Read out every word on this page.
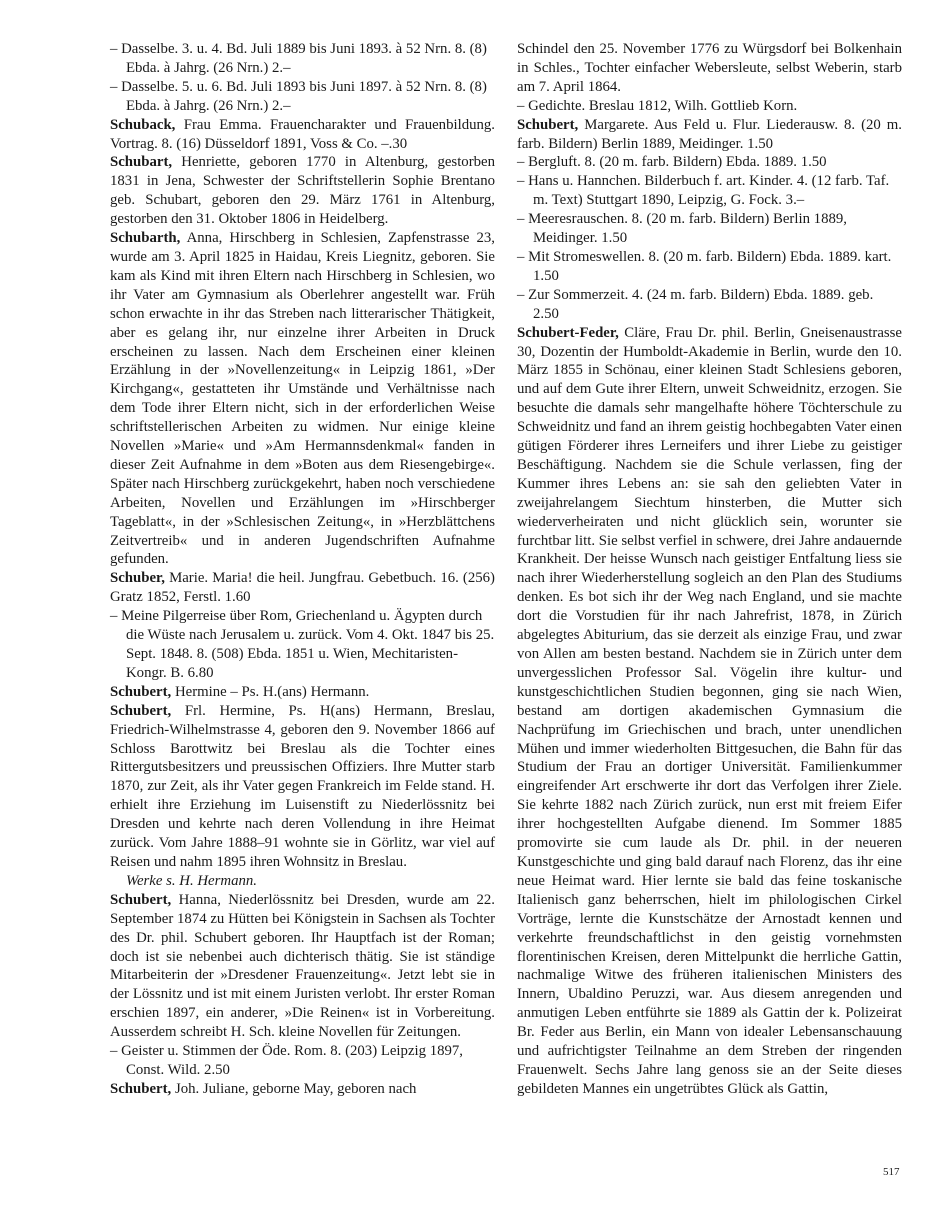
– Dasselbe. 3. u. 4. Bd. Juli 1889 bis Juni 1893. à 52 Nrn. 8. (8) Ebda. à Jahrg. (26 Nrn.) 2.–

– Dasselbe. 5. u. 6. Bd. Juli 1893 bis Juni 1897. à 52 Nrn. 8. (8) Ebda. à Jahrg. (26 Nrn.) 2.–

Schuback, Frau Emma. Frauencharakter und Frauenbildung. Vortrag. 8. (16) Düsseldorf 1891, Voss & Co. –.30

Schubart, Henriette, geboren 1770 in Altenburg, gestorben 1831 in Jena, Schwester der Schriftstellerin Sophie Brentano geb. Schubart, geboren den 29. März 1761 in Altenburg, gestorben den 31. Oktober 1806 in Heidelberg.

Schubarth, Anna, Hirschberg in Schlesien, Zapfenstrasse 23, wurde am 3. April 1825 in Haidau, Kreis Liegnitz, geboren. Sie kam als Kind mit ihren Eltern nach Hirschberg in Schlesien, wo ihr Vater am Gymnasium als Oberlehrer angestellt war. Früh schon erwachte in ihr das Streben nach litterarischer Thätigkeit, aber es gelang ihr, nur einzelne ihrer Arbeiten in Druck erscheinen zu lassen. Nach dem Erscheinen einer kleinen Erzählung in der »Novellenzeitung« in Leipzig 1861, »Der Kirchgang«, gestatteten ihr Umstände und Verhältnisse nach dem Tode ihrer Eltern nicht, sich in der erforderlichen Weise schriftstellerischen Arbeiten zu widmen. Nur einige kleine Novellen »Marie« und »Am Hermannsdenkmal« fanden in dieser Zeit Aufnahme in dem »Boten aus dem Riesengebirge«. Später nach Hirschberg zurückgekehrt, haben noch verschiedene Arbeiten, Novellen und Erzählungen im »Hirschberger Tageblatt«, in der »Schlesischen Zeitung«, in »Herzblättchens Zeitvertreib« und in anderen Jugendschriften Aufnahme gefunden.

Schuber, Marie. Maria! die heil. Jungfrau. Gebetbuch. 16. (256) Gratz 1852, Ferstl. 1.60

– Meine Pilgerreise über Rom, Griechenland u. Ägypten durch die Wüste nach Jerusalem u. zurück. Vom 4. Okt. 1847 bis 25. Sept. 1848. 8. (508) Ebda. 1851 u. Wien, Mechitaristen-Kongr. B. 6.80

Schubert, Hermine – Ps. H.(ans) Hermann.

Schubert, Frl. Hermine, Ps. H(ans) Hermann, Breslau, Friedrich-Wilhelmstrasse 4, geboren den 9. November 1866 auf Schloss Barottwitz bei Breslau als die Tochter eines Rittergutsbesitzers und preussischen Offiziers. Ihre Mutter starb 1870, zur Zeit, als ihr Vater gegen Frankreich im Felde stand. H. erhielt ihre Erziehung im Luisenstift zu Niederlössnitz bei Dresden und kehrte nach deren Vollendung in ihre Heimat zurück. Vom Jahre 1888–91 wohnte sie in Görlitz, war viel auf Reisen und nahm 1895 ihren Wohnsitz in Breslau.

Werke s. H. Hermann.

Schubert, Hanna, Niederlössnitz bei Dresden, wurde am 22. September 1874 zu Hütten bei Königstein in Sachsen als Tochter des Dr. phil. Schubert geboren. Ihr Hauptfach ist der Roman; doch ist sie nebenbei auch dichterisch thätig. Sie ist ständige Mitarbeiterin der »Dresdener Frauenzeitung«. Jetzt lebt sie in der Lössnitz und ist mit einem Juristen verlobt. Ihr erster Roman erschien 1897, ein anderer, »Die Reinen« ist in Vorbereitung. Ausserdem schreibt H. Sch. kleine Novellen für Zeitungen.

– Geister u. Stimmen der Öde. Rom. 8. (203) Leipzig 1897, Const. Wild. 2.50

Schubert, Joh. Juliane, geborne May, geboren nach

Schindel den 25. November 1776 zu Würgsdorf bei Bolkenhain in Schles., Tochter einfacher Webersleute, selbst Weberin, starb am 7. April 1864.

– Gedichte. Breslau 1812, Wilh. Gottlieb Korn.

Schubert, Margarete. Aus Feld u. Flur. Liederausw. 8. (20 m. farb. Bildern) Berlin 1889, Meidinger. 1.50

– Bergluft. 8. (20 m. farb. Bildern) Ebda. 1889. 1.50

– Hans u. Hannchen. Bilderbuch f. art. Kinder. 4. (12 farb. Taf. m. Text) Stuttgart 1890, Leipzig, G. Fock. 3.–

– Meeresrauschen. 8. (20 m. farb. Bildern) Berlin 1889, Meidinger. 1.50

– Mit Stromeswellen. 8. (20 m. farb. Bildern) Ebda. 1889. kart. 1.50

– Zur Sommerzeit. 4. (24 m. farb. Bildern) Ebda. 1889. geb. 2.50

Schubert-Feder, Cläre, Frau Dr. phil. Berlin, Gneisenaustrasse 30, Dozentin der Humboldt-Akademie in Berlin, wurde den 10. März 1855 in Schönau, einer kleinen Stadt Schlesiens geboren, und auf dem Gute ihrer Eltern, unweit Schweidnitz, erzogen. Sie besuchte die damals sehr mangelhafte höhere Töchterschule zu Schweidnitz und fand an ihrem geistig hochbegabten Vater einen gütigen Förderer ihres Lerneifers und ihrer Liebe zu geistiger Beschäftigung. Nachdem sie die Schule verlassen, fing der Kummer ihres Lebens an: sie sah den geliebten Vater in zweijahrelangem Siechtum hinsterben, die Mutter sich wiederverheiraten und nicht glücklich sein, worunter sie furchtbar litt. Sie selbst verfiel in schwere, drei Jahre andauernde Krankheit. Der heisse Wunsch nach geistiger Entfaltung liess sie nach ihrer Wiederherstellung sogleich an den Plan des Studiums denken. Es bot sich ihr der Weg nach England, und sie machte dort die Vorstudien für ihr nach Jahrefrist, 1878, in Zürich abgelegtes Abiturium, das sie derzeit als einzige Frau, und zwar von Allen am besten bestand. Nachdem sie in Zürich unter dem unvergesslichen Professor Sal. Vögelin ihre kultur- und kunstgeschichtlichen Studien begonnen, ging sie nach Wien, bestand am dortigen akademischen Gymnasium die Nachprüfung im Griechischen und brach, unter unendlichen Mühen und immer wiederholten Bittgesuchen, die Bahn für das Studium der Frau an dortiger Universität. Familienkummer eingreifender Art erschwerte ihr dort das Verfolgen ihrer Ziele. Sie kehrte 1882 nach Zürich zurück, nun erst mit freiem Eifer ihrer hochgestellten Aufgabe dienend. Im Sommer 1885 promovirte sie cum laude als Dr. phil. in der neueren Kunstgeschichte und ging bald darauf nach Florenz, das ihr eine neue Heimat ward. Hier lernte sie bald das feine toskanische Italienisch ganz beherrschen, hielt im philologischen Cirkel Vorträge, lernte die Kunstschätze der Arnostadt kennen und verkehrte freundschaftlichst in den geistig vornehmsten florentinischen Kreisen, deren Mittelpunkt die herrliche Gattin, nachmalige Witwe des früheren italienischen Ministers des Innern, Ubaldino Peruzzi, war. Aus diesem anregenden und anmutigen Leben entführte sie 1889 als Gattin der k. Polizeirat Br. Feder aus Berlin, ein Mann von idealer Lebensanschauung und aufrichtigster Teilnahme an dem Streben der ringenden Frauenwelt. Sechs Jahre lang genoss sie an der Seite dieses gebildeten Mannes ein ungetrübtes Glück als Gattin,

517
